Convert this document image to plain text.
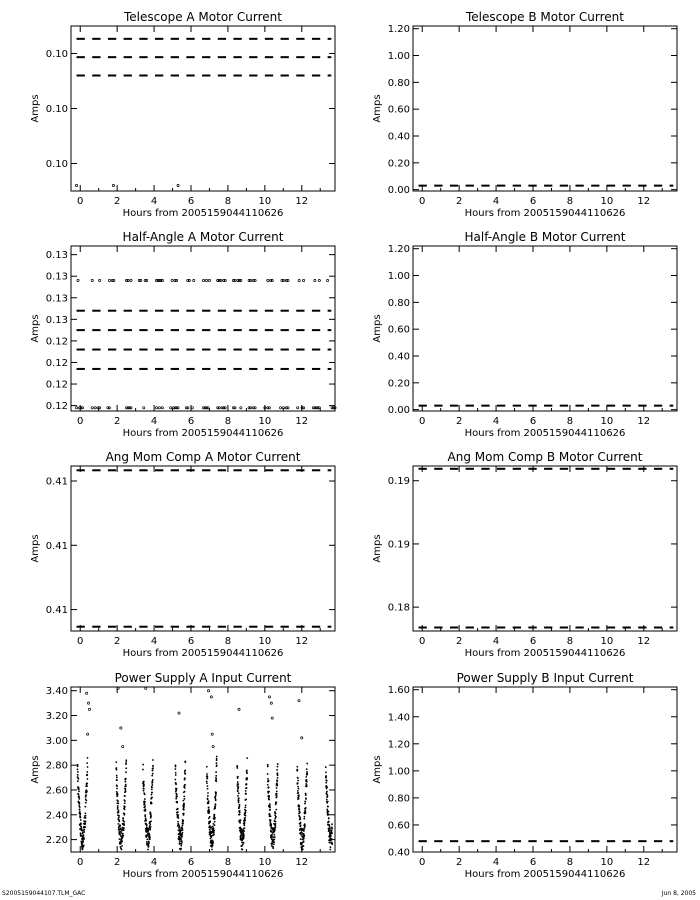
Telescope A Motor Current
0	2	4	6	8	10 12
Hours from 2005159044110626
0.10
0.10
0.10
Amps
Telescope B Motor Current
0	2	4	6	8	10 12
Hours from 2005159044110626
0.00
0.20
0.40
0.60
0.80
1.00
1.20
Amps
Half-Angle A Motor Current
0	2	4	6	8	10 12
Hours from 2005159044110626
0.12
0.12
0.12
0.12
0.13
0.13
0.13
0.13
Amps
Half-Angle B Motor Current
0	2	4	6	8	10 12
Hours from 2005159044110626
0.00
0.20
0.40
0.60
0.80
1.00
1.20
Amps
Ang Mom Comp A Motor Current
0	2	4	6	8	10 12
Hours from 2005159044110626
0.41
0.41
0.41
Amps
Ang Mom Comp B Motor Current
0	2	4	6	8	10 12
Hours from 2005159044110626
0.18
0.19
0.19
Amps
Power Supply A Input Current
0	2	4	6	8	10 12
Hours from 2005159044110626
2.20
2.40
2.60
2.80
3.00
3.20
3.40
Amps
Power Supply B Input Current
0	2	4	6	8	10 12
Hours from 2005159044110626
0.40
0.60
0.80
1.00
1.20
1.40
1.60
Amps
S2005159044107.TLM_GAC	Jun 8, 2005
